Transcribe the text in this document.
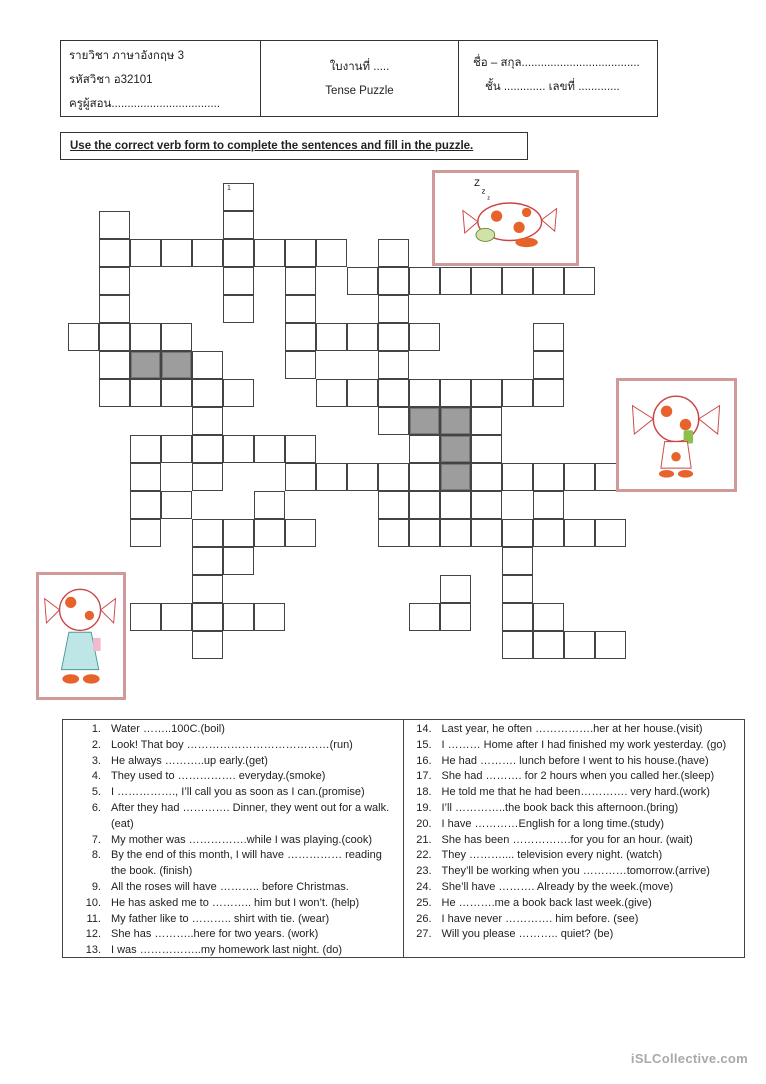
รายวิชา ภาษาอังกฤษ 3
รหัสวิชา อ32101
ครูผู้สอน..................................
ใบงานที่ .....
Tense Puzzle
ชื่อ – สกุล.....................................
ชั้น ............. เลขที่ .............
Use the correct verb form to complete the sentences and fill in the puzzle.
1
Z
z
z
1. Water ……..100C.(boil)
2. Look! That boy …………………………………(run)
3. He always ………..up early.(get)
4. They used to ……………. everyday.(smoke)
5. I ……………., I’ll call you as soon as I can.(promise)
6. After they had …………. Dinner, they went out for a walk. (eat)
7. My mother was …………….while I was playing.(cook)
8. By the end of this month, I will have …………… reading the book. (finish)
9. All the roses will have ……….. before Christmas.
10. He has asked me to ……….. him but I won’t. (help)
11. My father like to ……….. shirt with tie. (wear)
12. She has ………..here for two years. (work)
13. I was ……………..my homework last night. (do)
14. Last year, he often …………….her at her house.(visit)
15. I ……… Home after I had finished my work yesterday. (go)
16. He had ………. lunch before I went to his house.(have)
17. She had ………. for 2 hours when you called her.(sleep)
18. He told me that he had been…………. very hard.(work)
19. I’ll …………..the book back this afternoon.(bring)
20. I have …………English for a long time.(study)
21. She has been …………….for you for an hour. (wait)
22. They ……….... television every night. (watch)
23. They’ll be working when you …………tomorrow.(arrive)
24. She’ll have ………. Already by the week.(move)
25. He ……….me a book back last week.(give)
26. I have never …………. him before. (see)
27. Will you please ……….. quiet? (be)
iSLCollective.com
